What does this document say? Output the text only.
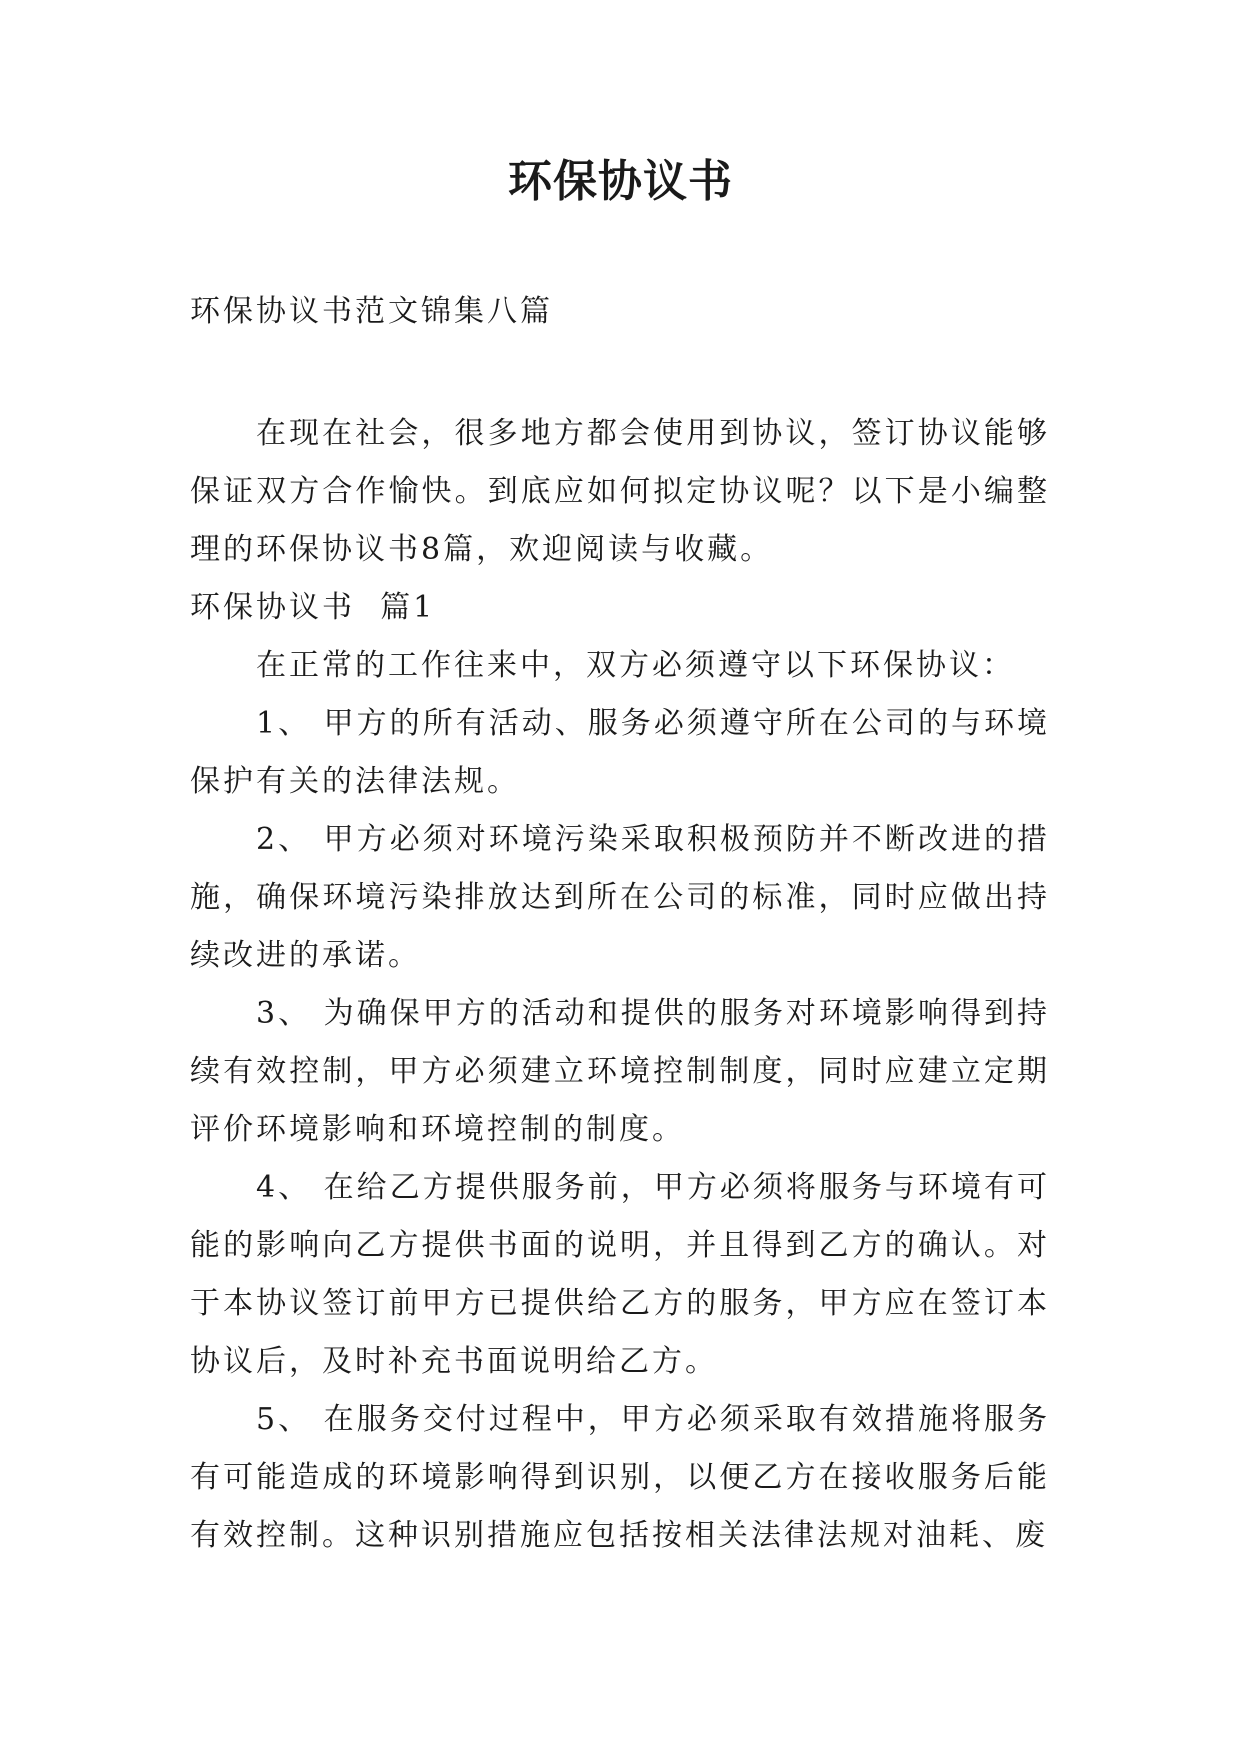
环保协议书
环保协议书范文锦集八篇

在现在社会，很多地方都会使用到协议，签订协议能够保证双方合作愉快。到底应如何拟定协议呢？以下是小编整理的环保协议书8篇，欢迎阅读与收藏。

环保协议书  篇1

在正常的工作往来中，双方必须遵守以下环保协议：

1、 甲方的所有活动、服务必须遵守所在公司的与环境保护有关的法律法规。

2、 甲方必须对环境污染采取积极预防并不断改进的措施，确保环境污染排放达到所在公司的标准，同时应做出持续改进的承诺。

3、 为确保甲方的活动和提供的服务对环境影响得到持续有效控制，甲方必须建立环境控制制度，同时应建立定期评价环境影响和环境控制的制度。

4、 在给乙方提供服务前，甲方必须将服务与环境有可能的影响向乙方提供书面的说明，并且得到乙方的确认。对于本协议签订前甲方已提供给乙方的服务，甲方应在签订本协议后，及时补充书面说明给乙方。

5、 在服务交付过程中，甲方必须采取有效措施将服务有可能造成的环境影响得到识别，以便乙方在接收服务后能有效控制。这种识别措施应包括按相关法律法规对油耗、废
